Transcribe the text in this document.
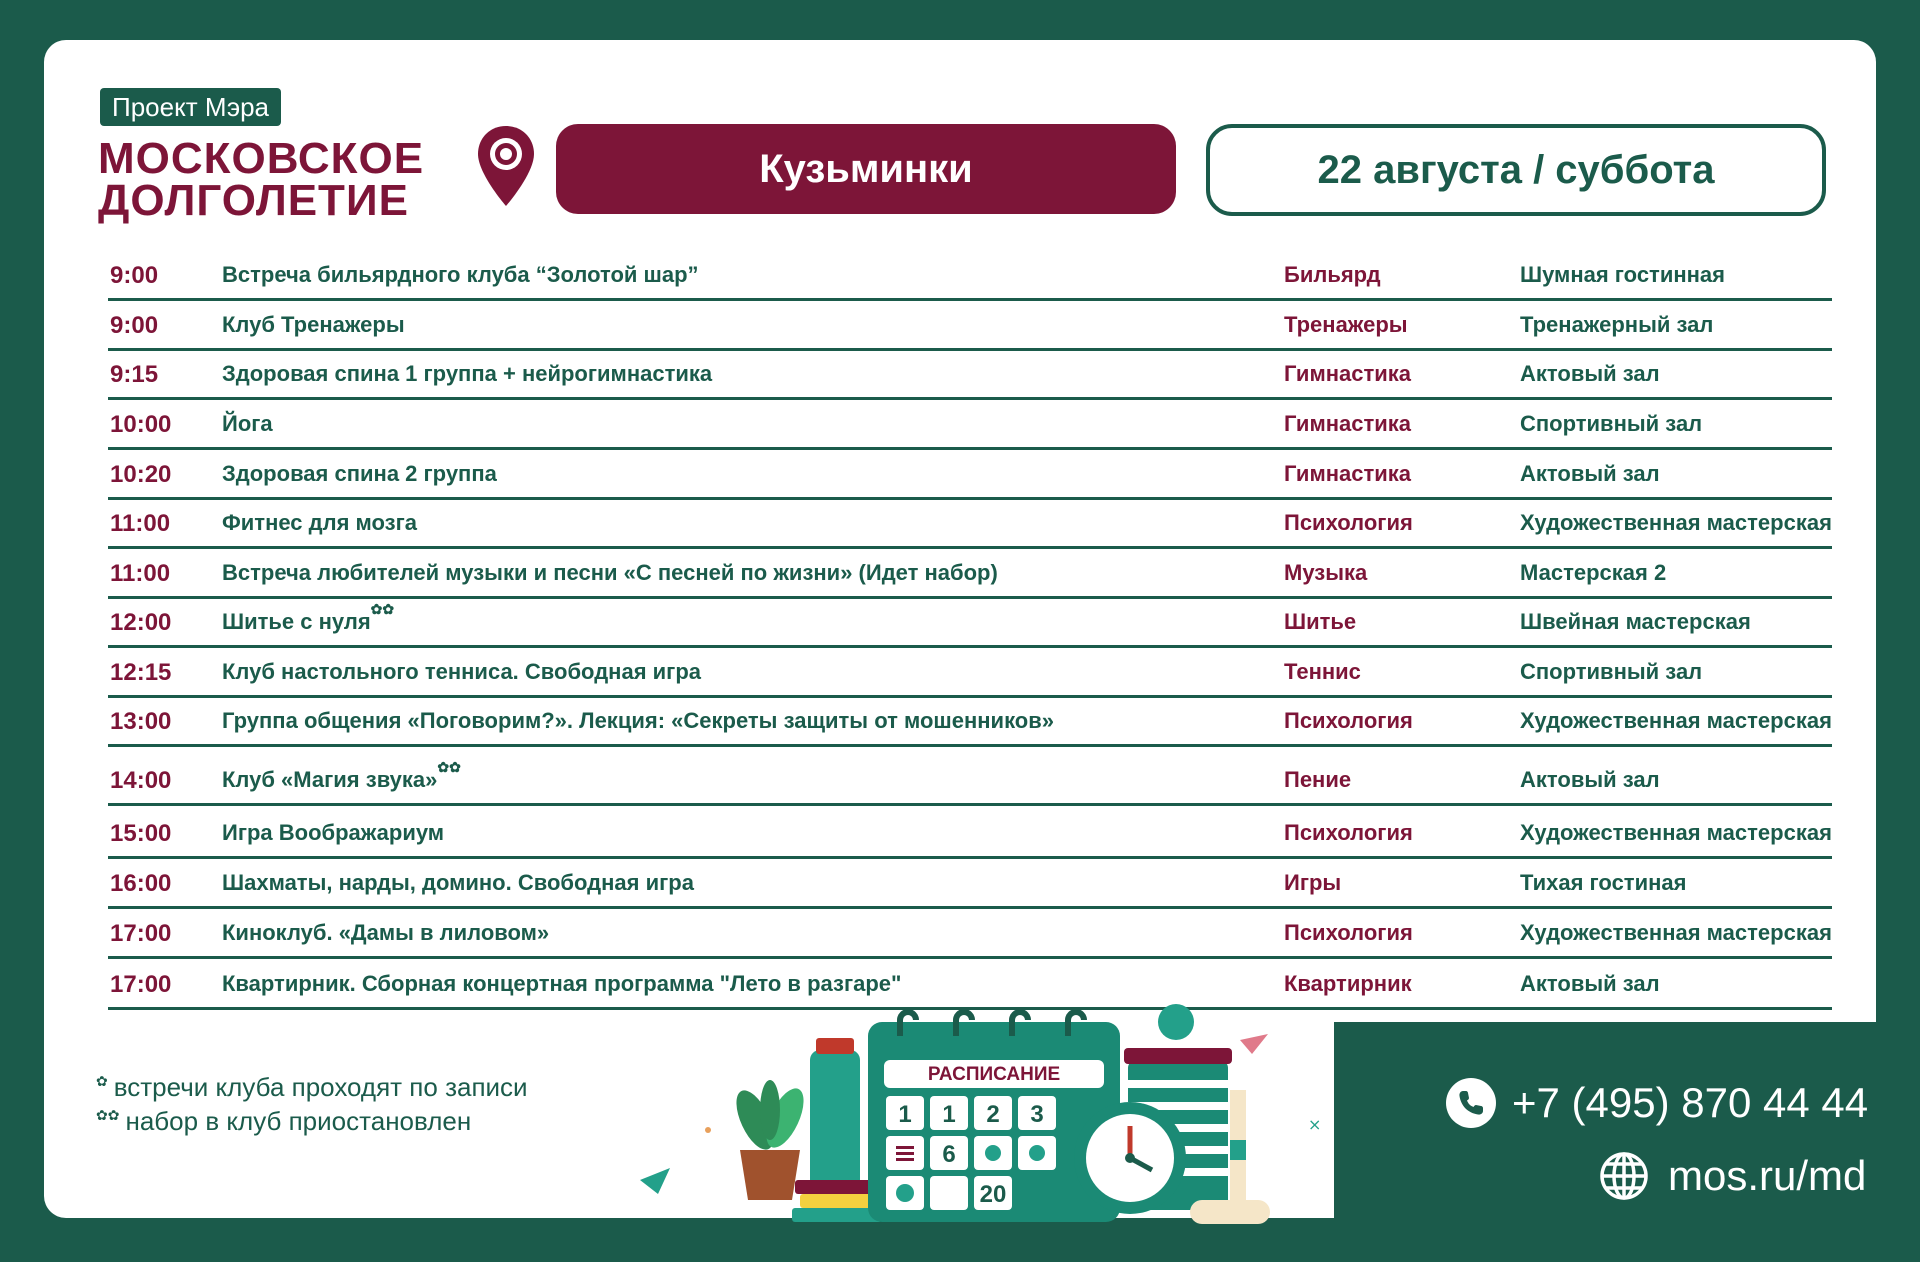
Проект Мэра
МОСКОВСКОЕ
ДОЛГОЛЕТИЕ
Кузьминки	22 августа / суббота
9:00	Встреча бильярдного клуба “Золотой шар”	Бильярд	Шумная гостинная
9:00	Клуб Тренажеры	Тренажеры	Тренажерный зал
9:15	Здоровая спина 1 группа + нейрогимнастика	Гимнастика	Актовый зал
10:00 Йога	Гимнастика	Спортивный зал
10:20 Здоровая спина 2 группа	Гимнастика	Актовый зал
11:00 Фитнес для мозга	Психология	Художественная мастерская
11:00 Встреча любителей музыки и песни «С песней по жизни» (Идет набор)	Музыка	Мастерская 2
12:00 Шитье с нуля ✿✿	Шитье	Швейная мастерская
12:15 Клуб настольного тенниса. Свободная игра	Теннис	Спортивный зал
13:00 Группа общения «Поговорим?». Лекция: «Секреты защиты от мошенников»	Психология	Художественная мастерская
14:00 Клуб «Магия звука» ✿✿	Пение	Актовый зал
15:00 Игра Воображариум	Психология	Художественная мастерская
16:00 Шахматы, нарды, домино. Свободная игра	Игры	Тихая гостиная
17:00 Киноклуб. «Дамы в лиловом»	Психология	Художественная мастерская
17:00 Квартирник. Сборная концертная программа "Лето в разгаре"	Квартирник	Актовый зал
✿ встречи клуба проходят по записи
✿✿ набор в клуб приостановлен
РАСПИСАНИЕ
1 1 2 3
6
20
×	+7 (495) 870 44 44
mos.ru/md
